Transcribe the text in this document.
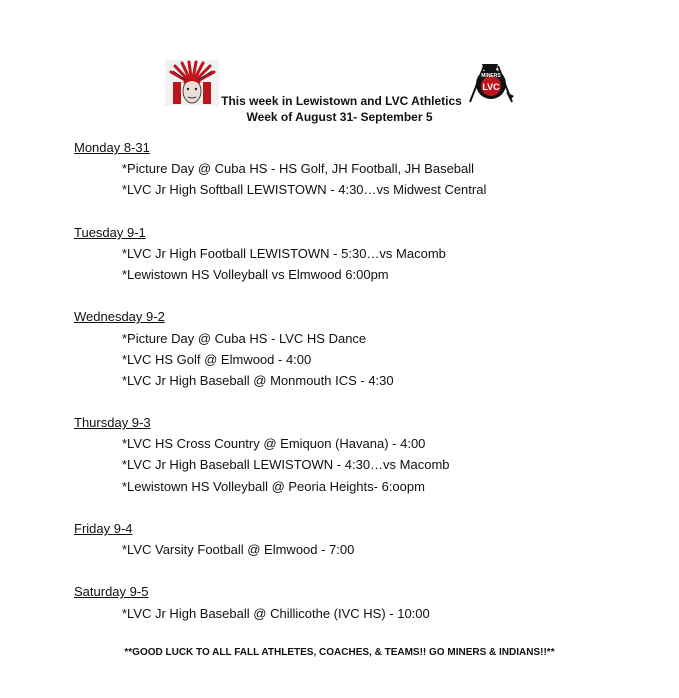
MINERS
LVC
This week in Lewistown and LVC Athletics
Week of August 31- September 5
Monday 8-31
*Picture Day @ Cuba HS - HS Golf, JH Football, JH Baseball
*LVC Jr High Softball LEWISTOWN - 4:30…vs Midwest Central
Tuesday 9-1
*LVC Jr High Football LEWISTOWN - 5:30…vs Macomb
*Lewistown HS Volleyball vs Elmwood 6:00pm
Wednesday 9-2
*Picture Day @ Cuba HS - LVC HS Dance
*LVC HS Golf @ Elmwood - 4:00
*LVC Jr High Baseball @ Monmouth ICS - 4:30
Thursday 9-3
*LVC HS Cross Country @ Emiquon (Havana) - 4:00
*LVC Jr High Baseball LEWISTOWN - 4:30…vs Macomb
*Lewistown HS Volleyball @ Peoria Heights- 6:oopm
Friday 9-4
*LVC Varsity Football @ Elmwood - 7:00
Saturday 9-5
*LVC Jr High Baseball @ Chillicothe (IVC HS) - 10:00
**GOOD LUCK TO ALL FALL ATHLETES, COACHES, & TEAMS!! GO MINERS & INDIANS!!**
